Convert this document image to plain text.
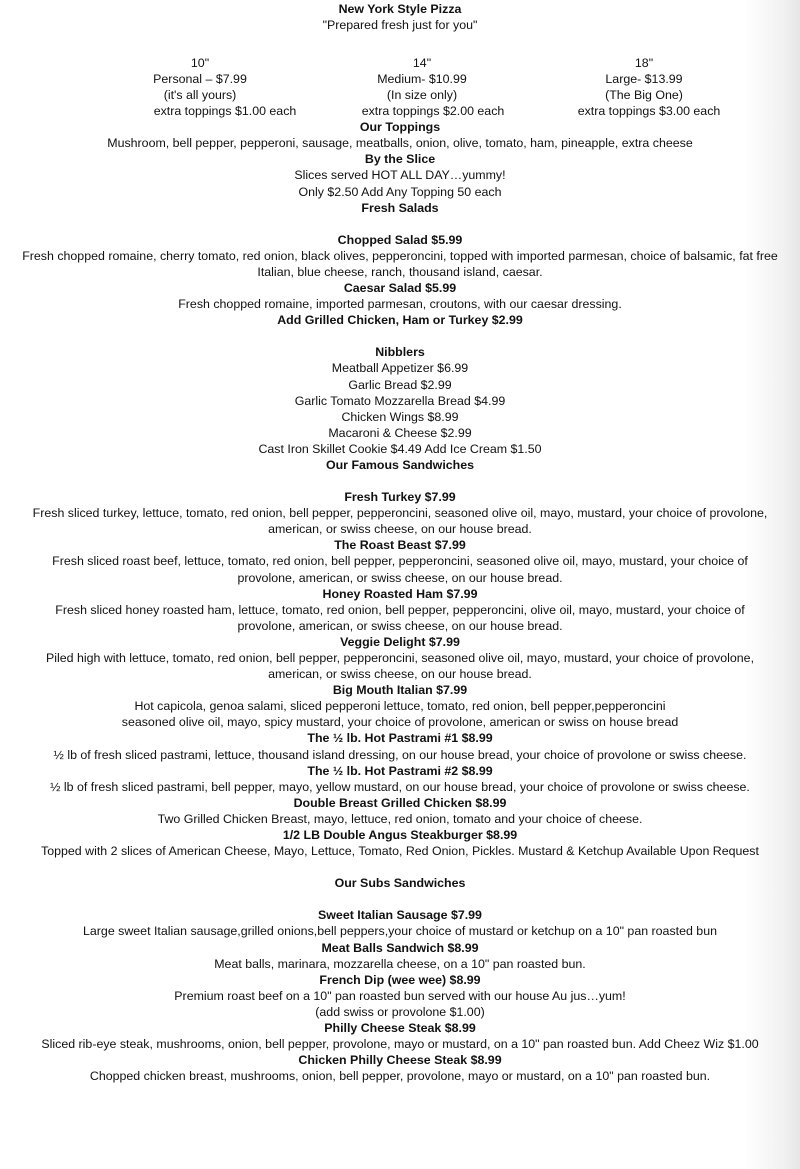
New York Style Pizza
"Prepared fresh just for you"
10"
Personal – $7.99
(it's all yours)
14"
Medium- $10.99
(In size only)
18"
Large- $13.99
(The Big One)
extra toppings $1.00 each	extra toppings $2.00 each	extra toppings $3.00 each
Our Toppings
Mushroom, bell pepper, pepperoni, sausage, meatballs, onion, olive, tomato, ham, pineapple, extra cheese
By the Slice
Slices served HOT ALL DAY…yummy!
Only $2.50 Add Any Topping 50 each
Fresh Salads
Chopped Salad $5.99
Fresh chopped romaine, cherry tomato, red onion, black olives, pepperoncini, topped with imported parmesan, choice of balsamic, fat free Italian, blue cheese, ranch, thousand island, caesar.
Caesar Salad $5.99
Fresh chopped romaine, imported parmesan, croutons, with our caesar dressing.
Add Grilled Chicken, Ham or Turkey $2.99
Nibblers
Meatball Appetizer $6.99
Garlic Bread $2.99
Garlic Tomato Mozzarella Bread $4.99
Chicken Wings $8.99
Macaroni & Cheese $2.99
Cast Iron Skillet Cookie $4.49 Add Ice Cream $1.50
Our Famous Sandwiches
Fresh Turkey $7.99
Fresh sliced turkey, lettuce, tomato, red onion, bell pepper, pepperoncini, seasoned olive oil, mayo, mustard, your choice of provolone, american, or swiss cheese, on our house bread.
The Roast Beast $7.99
Fresh sliced roast beef, lettuce, tomato, red onion, bell pepper, pepperoncini, seasoned olive oil, mayo, mustard, your choice of provolone, american, or swiss cheese, on our house bread.
Honey Roasted Ham $7.99
Fresh sliced honey roasted ham, lettuce, tomato, red onion, bell pepper, pepperoncini, olive oil, mayo, mustard, your choice of provolone, american, or swiss cheese, on our house bread.
Veggie Delight $7.99
Piled high with lettuce, tomato, red onion, bell pepper, pepperoncini, seasoned olive oil, mayo, mustard, your choice of provolone, american, or swiss cheese, on our house bread.
Big Mouth Italian $7.99
Hot capicola, genoa salami, sliced pepperoni lettuce, tomato, red onion, bell pepper,pepperoncini
seasoned olive oil, mayo, spicy mustard, your choice of provolone, american or swiss on house bread
The ½ lb. Hot Pastrami #1 $8.99
½ lb of fresh sliced pastrami, lettuce, thousand island dressing, on our house bread, your choice of provolone or swiss cheese.
The ½ lb. Hot Pastrami #2 $8.99
½ lb of fresh sliced pastrami, bell pepper, mayo, yellow mustard, on our house bread, your choice of provolone or swiss cheese.
Double Breast Grilled Chicken $8.99
Two Grilled Chicken Breast, mayo, lettuce, red onion, tomato and your choice of cheese.
1/2 LB Double Angus Steakburger $8.99
Topped with 2 slices of American Cheese, Mayo, Lettuce, Tomato, Red Onion, Pickles. Mustard & Ketchup Available Upon Request
Our Subs Sandwiches
Sweet Italian Sausage $7.99
Large sweet Italian sausage,grilled onions,bell peppers,your choice of mustard or ketchup on a 10" pan roasted bun
Meat Balls Sandwich $8.99
Meat balls, marinara, mozzarella cheese, on a 10" pan roasted bun.
French Dip (wee wee) $8.99
Premium roast beef on a 10" pan roasted bun served with our house Au jus…yum!
(add swiss or provolone $1.00)
Philly Cheese Steak $8.99
Sliced rib-eye steak, mushrooms, onion, bell pepper, provolone, mayo or mustard, on a 10" pan roasted bun. Add Cheez Wiz $1.00
Chicken Philly Cheese Steak $8.99
Chopped chicken breast, mushrooms, onion, bell pepper, provolone, mayo or mustard, on a 10" pan roasted bun.
